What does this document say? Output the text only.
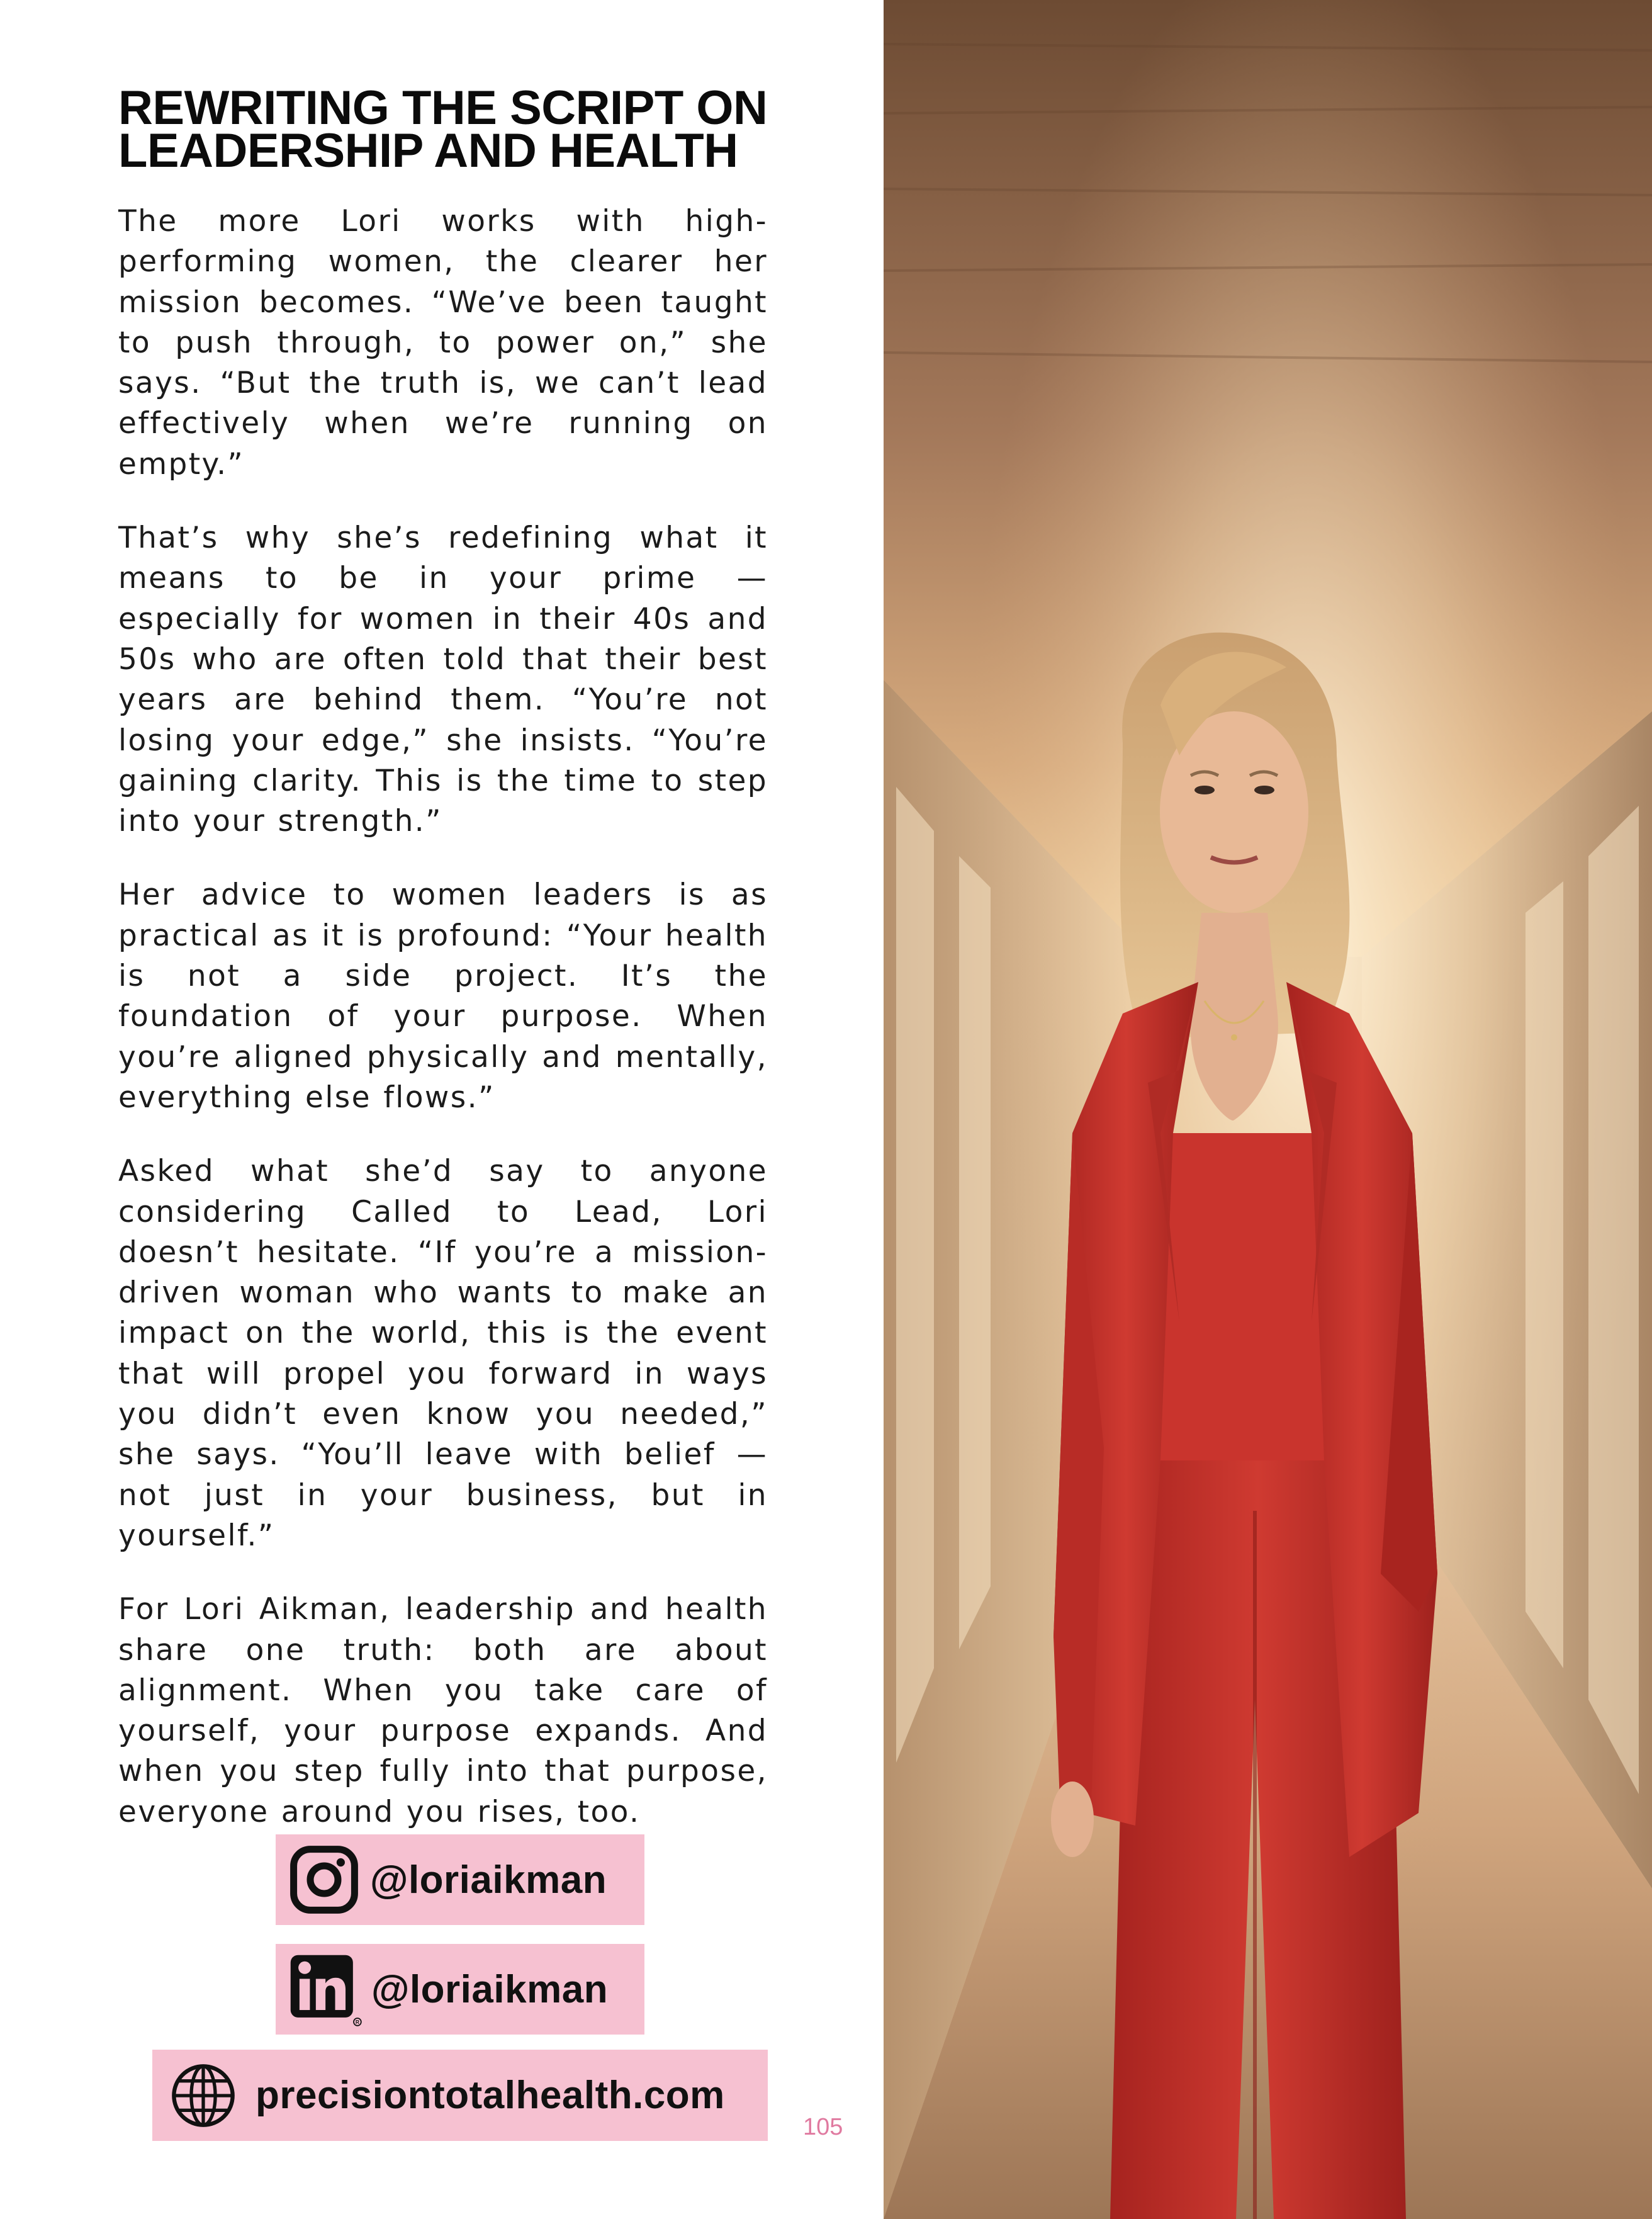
REWRITING THE SCRIPT ON LEADERSHIP AND HEALTH

The more Lori works with high-performing women, the clearer her mission becomes. “We’ve been taught to push through, to power on,” she says. “But the truth is, we can’t lead effectively when we’re running on empty.”

That’s why she’s redefining what it means to be in your prime — especially for women in their 40s and 50s who are often told that their best years are behind them. “You’re not losing your edge,” she insists. “You’re gaining clarity. This is the time to step into your strength.”

Her advice to women leaders is as practical as it is profound: “Your health is not a side project. It’s the foundation of your purpose. When you’re aligned physically and mentally, everything else flows.”

Asked what she’d say to anyone considering Called to Lead, Lori doesn’t hesitate. “If you’re a mission-driven woman who wants to make an impact on the world, this is the event that will propel you forward in ways you didn’t even know you needed,” she says. “You’ll leave with belief — not just in your business, but in yourself.”

For Lori Aikman, leadership and health share one truth: both are about alignment. When you take care of yourself, your purpose expands. And when you step fully into that purpose, everyone around you rises, too.

@loriaikman
R
@loriaikman
precisiontotalhealth.com
105
